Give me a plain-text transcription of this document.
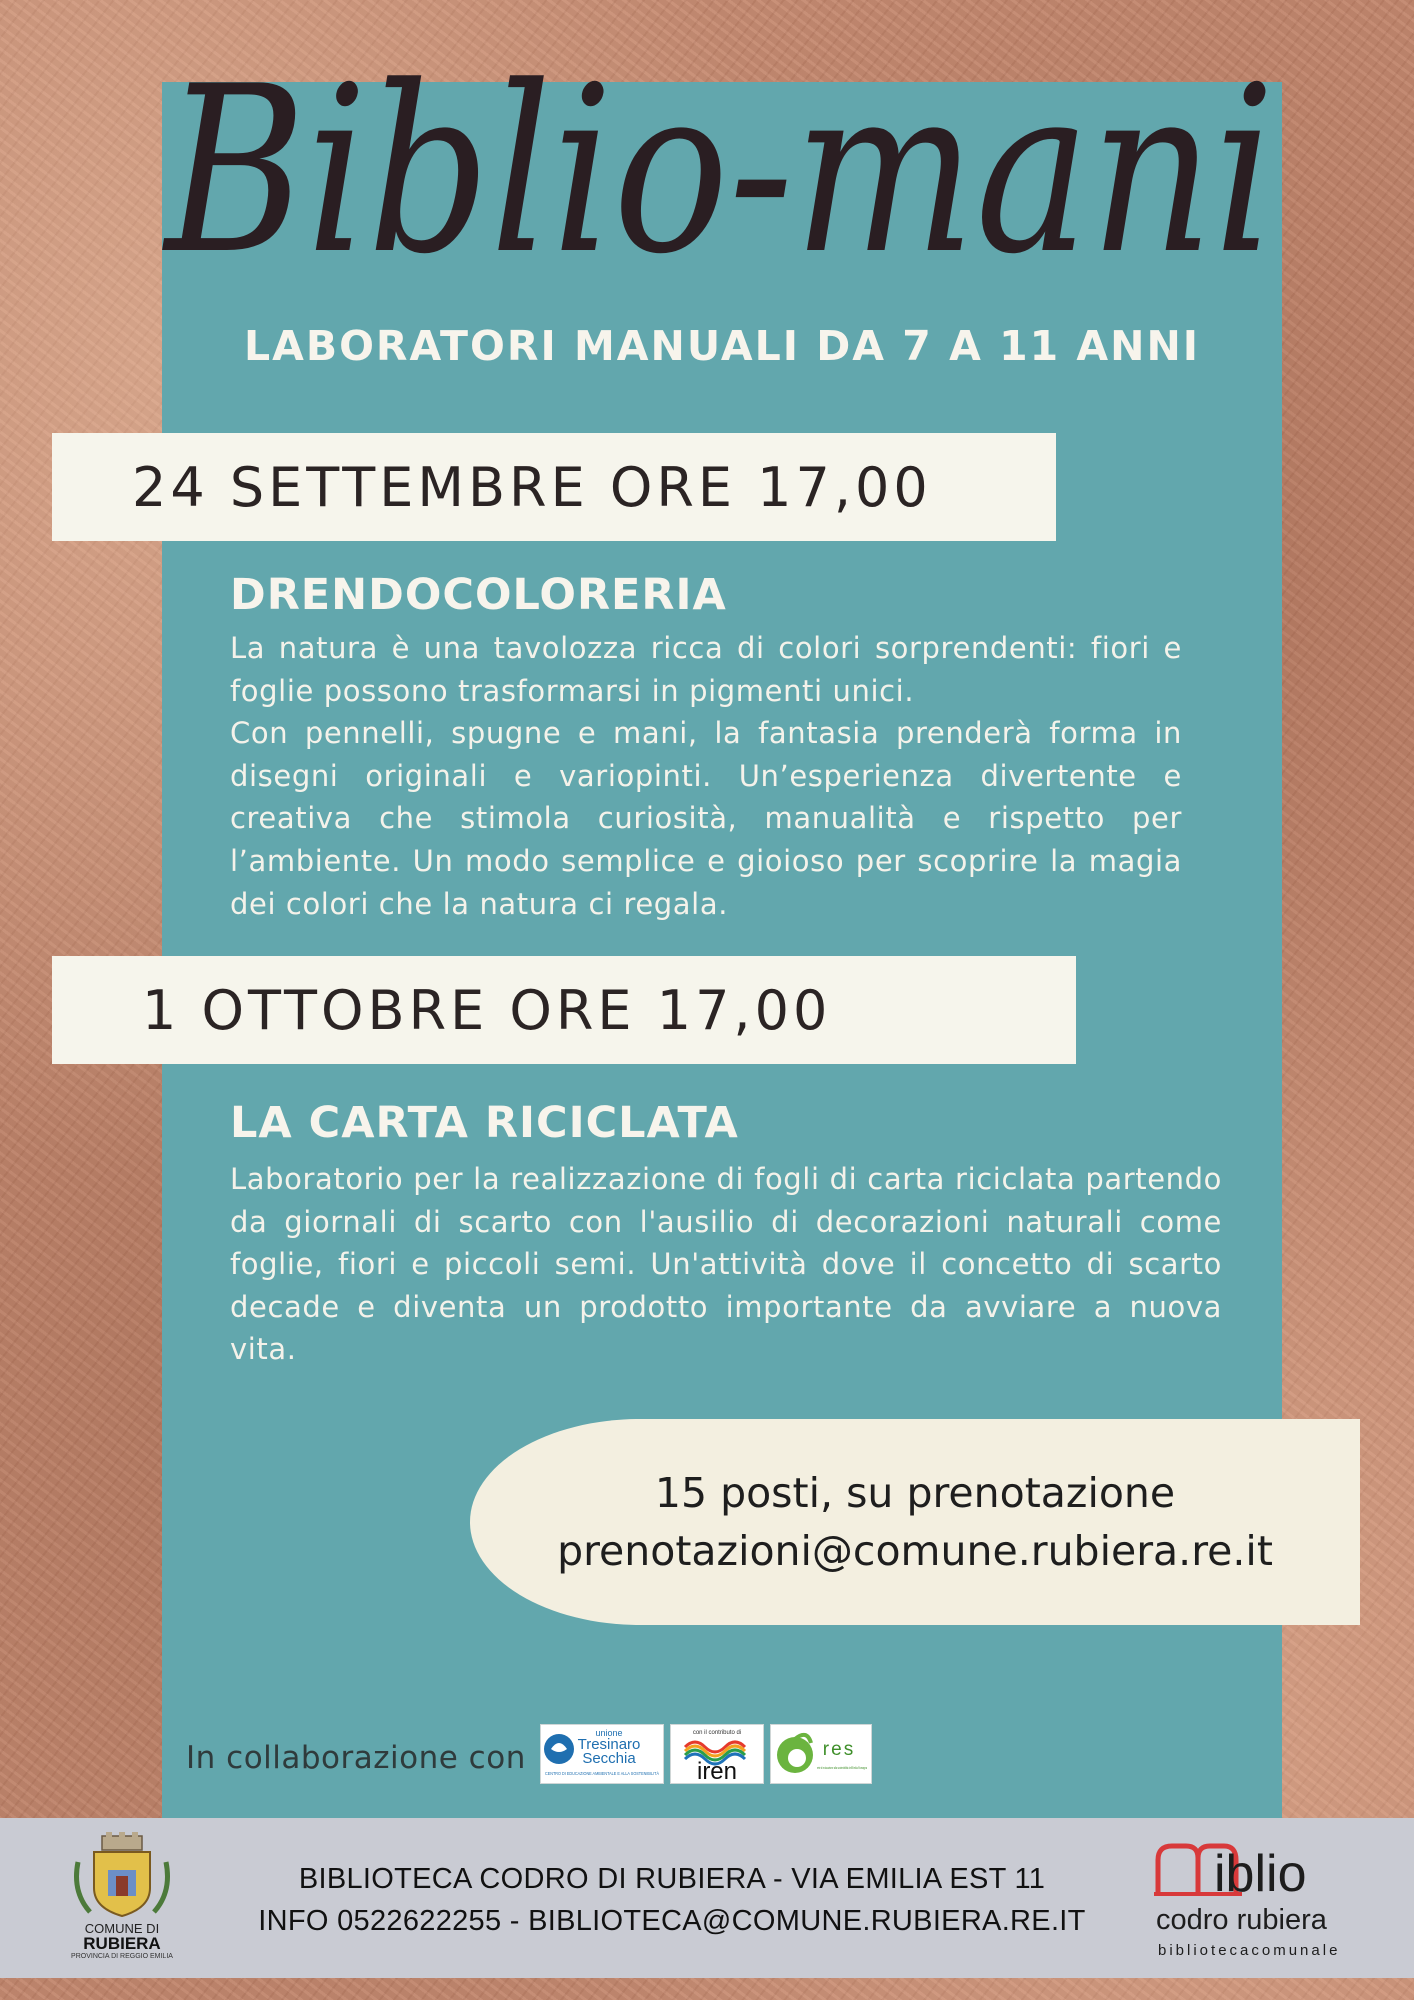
Biblio-mani
LABORATORI MANUALI DA 7 A 11 ANNI
24 SETTEMBRE ORE 17,00
DRENDOCOLORERIA

La natura è una tavolozza ricca di colori sorprendenti: fiori e foglie possono trasformarsi in pigmenti unici.

Con pennelli, spugne e mani, la fantasia prenderà forma in disegni originali e variopinti. Un’esperienza divertente e creativa che stimola curiosità, manualità e rispetto per l’ambiente. Un modo semplice e gioioso per scoprire la magia dei colori che la natura ci regala.

1 OTTOBRE ORE 17,00
LA CARTA RICICLATA

Laboratorio per la realizzazione di fogli di carta riciclata partendo da giornali di scarto con l'ausilio di decorazioni naturali come foglie, fiori e piccoli semi. Un'attività dove il concetto di scarto decade e diventa un prodotto importante da avviare a nuova vita.

15 posti, su prenotazione
prenotazioni@comune.rubiera.re.it
In collaborazione con
unione
Tresinaro
Secchia
CENTRO DI EDUCAZIONE AMBIENTALE E ALLA SOSTENIBILITÀ
con il contributo di
iren
res
rete di educazione alla sostenibilità dell'Emilia-Romagna
COMUNE DI
RUBIERA
PROVINCIA DI REGGIO EMILIA
BIBLIOTECA CODRO DI RUBIERA - VIA EMILIA EST 11
INFO 0522622255 - BIBLIOTECA@COMUNE.RUBIERA.RE.IT
iblio
codro rubiera
bibliotecacomunale
